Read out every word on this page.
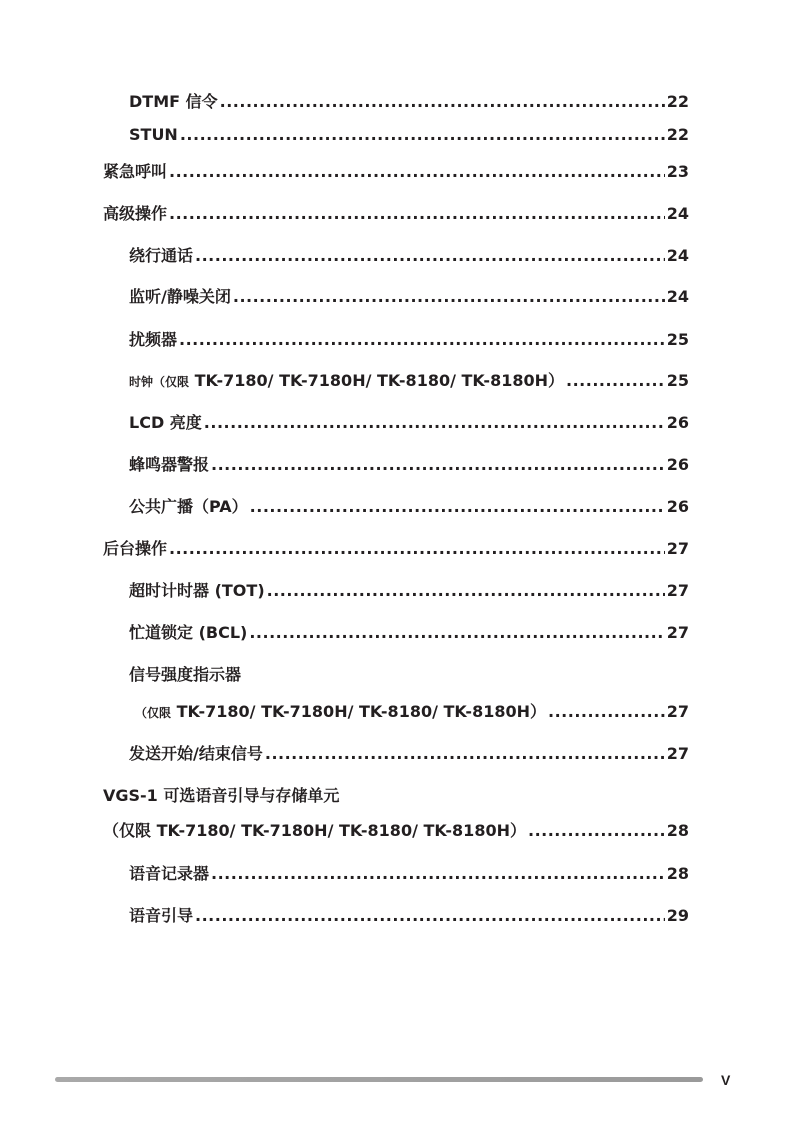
DTMF 信令 .....	22
STUN .....	22
紧急呼叫 .....	23
高级操作 .....	24
绕行通话 .....	24
监听/静噪关闭 .....	24
扰频器 .....	25
时钟（仅限 TK-7180/ TK-7180H/ TK-8180/ TK-8180H） .....	25
LCD 亮度 .....	26
蜂鸣器警报 .....	26
公共广播（PA） .....	26
后台操作 .....	27
超时计时器 (TOT) .....	27
忙道锁定 (BCL) .....	27
信号强度指示器
（仅限 TK-7180/ TK-7180H/ TK-8180/ TK-8180H） .....	27
发送开始/结束信号 .....	27
VGS-1 可选语音引导与存储单元
（仅限 TK-7180/ TK-7180H/ TK-8180/ TK-8180H） .....	28
语音记录器 .....	28
语音引导 .....	29
V
